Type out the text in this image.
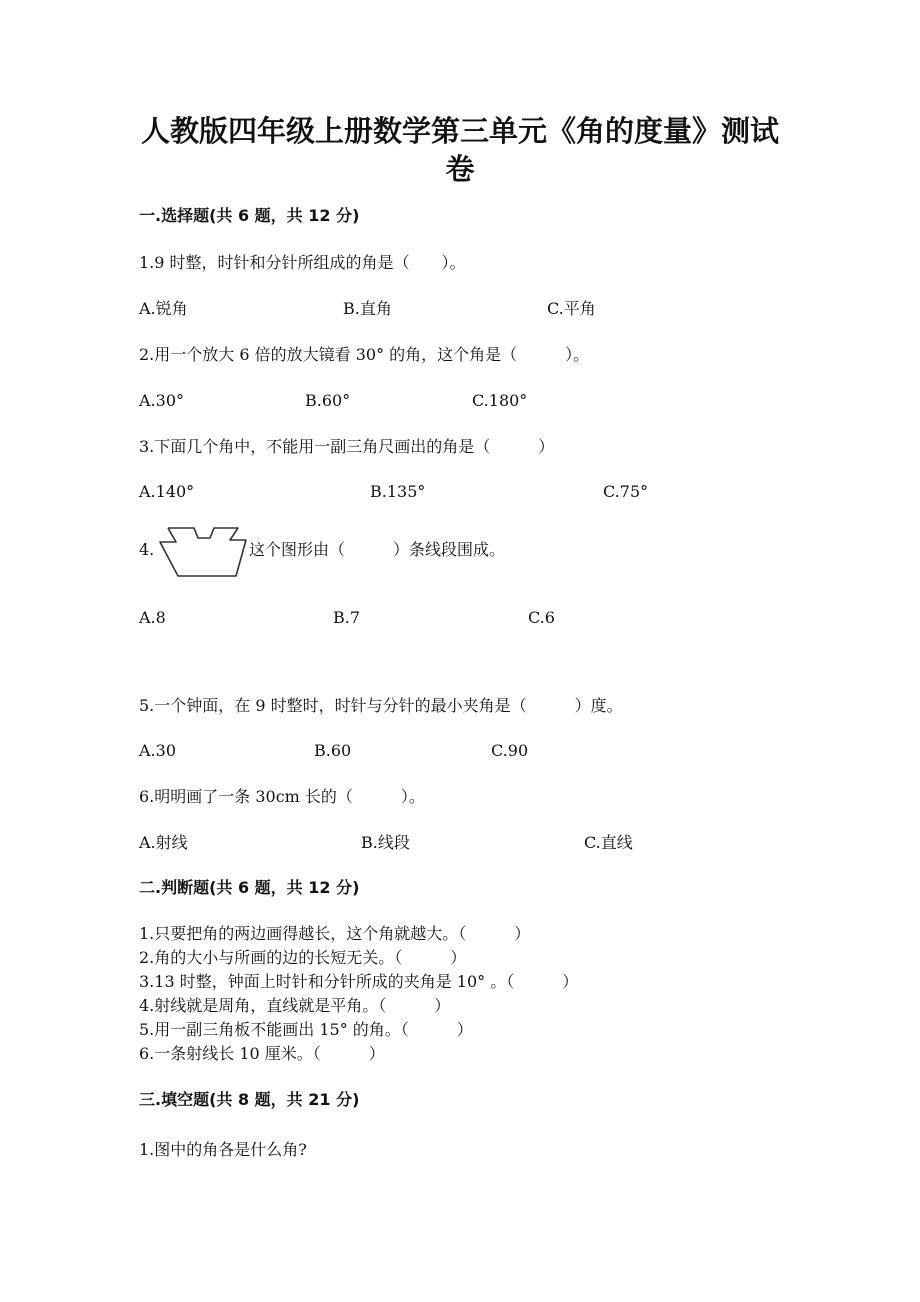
人教版四年级上册数学第三单元《角的度量》测试
卷
一.选择题(共 6 题，共 12 分)
1.9 时整，时针和分针所组成的角是（　　）。
A.锐角	B.直角	C.平角
2.用一个放大 6 倍的放大镜看 30° 的角，这个角是（　　　）。
A.30°	B.60°	C.180°
3.下面几个角中，不能用一副三角尺画出的角是（　　　）
A.140°	B.135°	C.75°
4.	这个图形由（　　　）条线段围成。
A.8	B.7	C.6
5.一个钟面，在 9 时整时，时针与分针的最小夹角是（　　　）度。
A.30	B.60	C.90
6.明明画了一条 30cm 长的（　　　）。
A.射线	B.线段	C.直线
二.判断题(共 6 题，共 12 分)
1.只要把角的两边画得越长，这个角就越大。（　　　）
2.角的大小与所画的边的长短无关。（　　　）
3.13 时整，钟面上时针和分针所成的夹角是 10° 。（　　　）
4.射线就是周角，直线就是平角。（　　　）
5.用一副三角板不能画出 15° 的角。（　　　）
6.一条射线长 10 厘米。（　　　）
三.填空题(共 8 题，共 21 分)
1.图中的角各是什么角?
